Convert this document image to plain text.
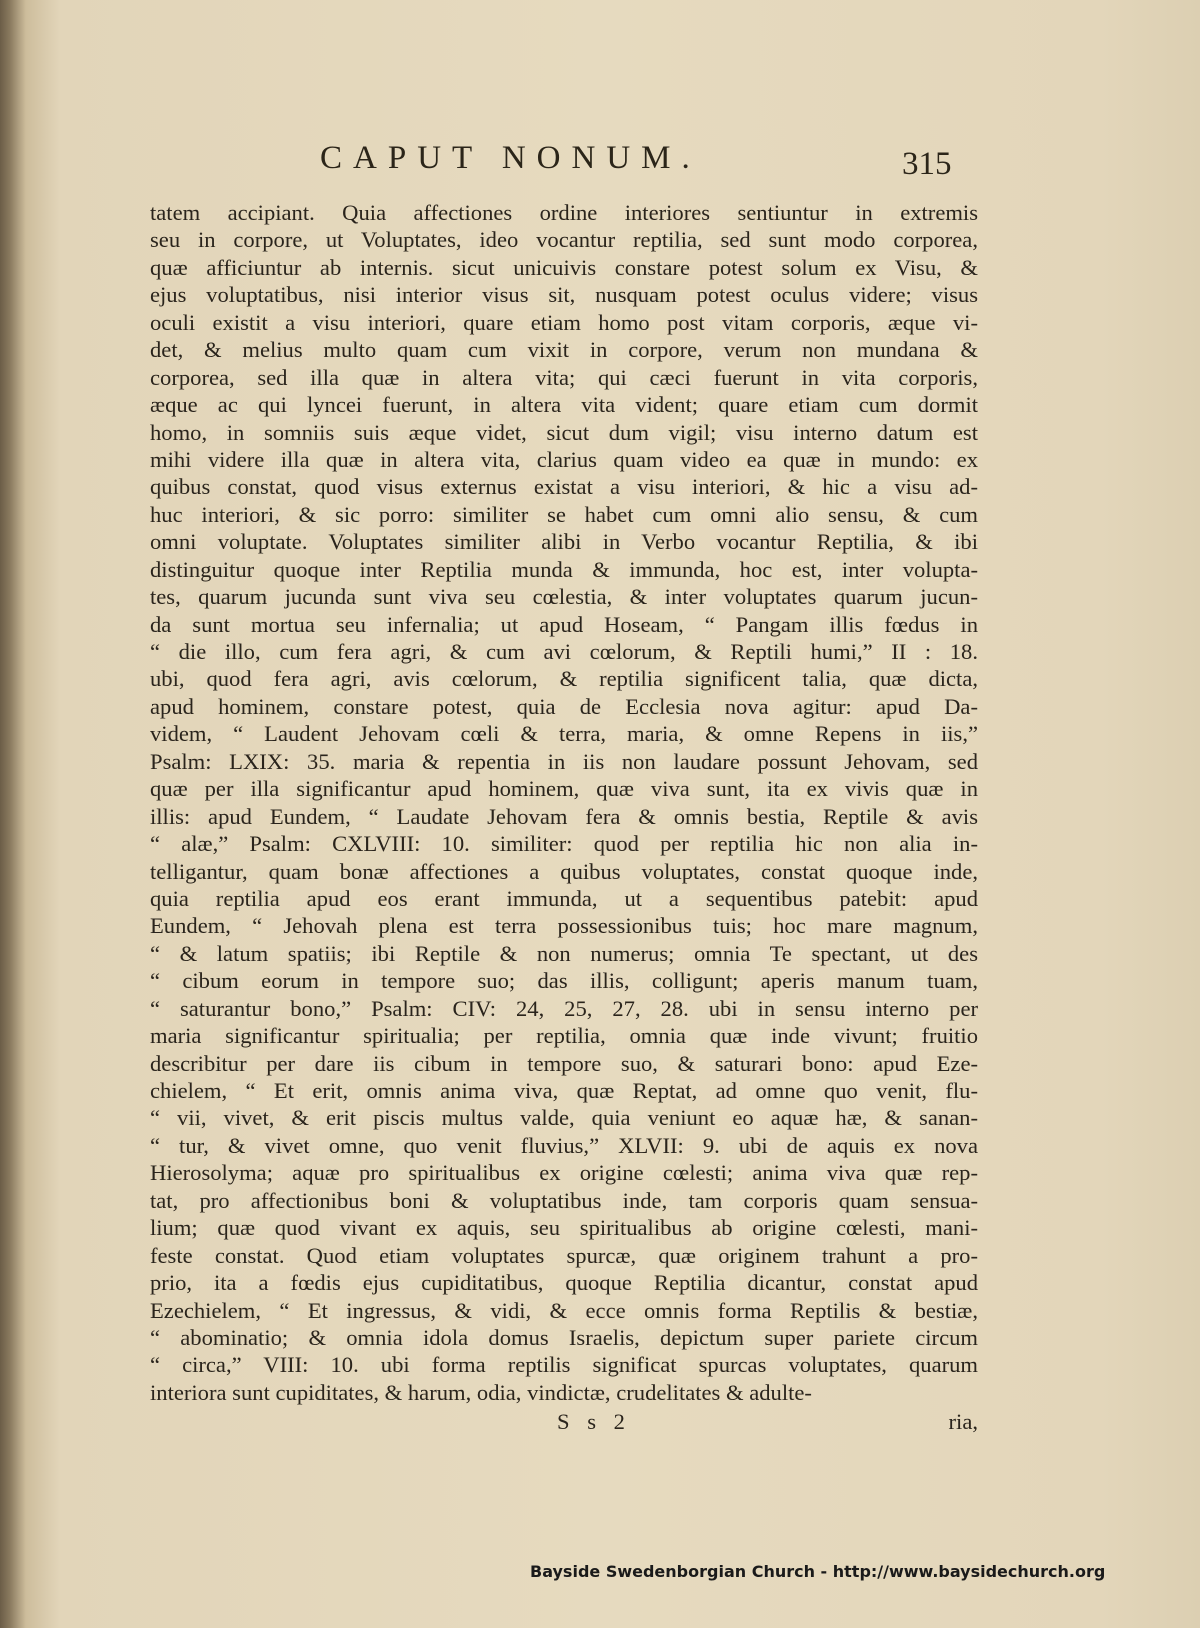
CAPUT NONUM.	315
tatem accipiant. Quia affectiones ordine interiores sentiuntur in extremis
seu in corpore, ut Voluptates, ideo vocantur reptilia, sed sunt modo corporea,
quæ afficiuntur ab internis. sicut unicuivis constare potest solum ex Visu, &
ejus voluptatibus, nisi interior visus sit, nusquam potest oculus videre; visus
oculi existit a visu interiori, quare etiam homo post vitam corporis, æque vi-
det, & melius multo quam cum vixit in corpore, verum non mundana &
corporea, sed illa quæ in altera vita; qui cæci fuerunt in vita corporis,
æque ac qui lyncei fuerunt, in altera vita vident; quare etiam cum dormit
homo, in somniis suis æque videt, sicut dum vigil; visu interno datum est
mihi videre illa quæ in altera vita, clarius quam video ea quæ in mundo: ex
quibus constat, quod visus externus existat a visu interiori, & hic a visu ad-
huc interiori, & sic porro: similiter se habet cum omni alio sensu, & cum
omni voluptate. Voluptates similiter alibi in Verbo vocantur Reptilia, & ibi
distinguitur quoque inter Reptilia munda & immunda, hoc est, inter volupta-
tes, quarum jucunda sunt viva seu cœlestia, & inter voluptates quarum jucun-
da sunt mortua seu infernalia; ut apud Hoseam, “ Pangam illis fœdus in
“ die illo, cum fera agri, & cum avi cœlorum, & Reptili humi,” II : 18.
ubi, quod fera agri, avis cœlorum, & reptilia significent talia, quæ dicta,
apud hominem, constare potest, quia de Ecclesia nova agitur: apud Da-
videm, “ Laudent Jehovam cœli & terra, maria, & omne Repens in iis,”
Psalm: LXIX: 35. maria & repentia in iis non laudare possunt Jehovam, sed
quæ per illa significantur apud hominem, quæ viva sunt, ita ex vivis quæ in
illis: apud Eundem, “ Laudate Jehovam fera & omnis bestia, Reptile & avis
“ alæ,” Psalm: CXLVIII: 10. similiter: quod per reptilia hic non alia in-
telligantur, quam bonæ affectiones a quibus voluptates, constat quoque inde,
quia reptilia apud eos erant immunda, ut a sequentibus patebit: apud
Eundem, “ Jehovah plena est terra possessionibus tuis; hoc mare magnum,
“ & latum spatiis; ibi Reptile & non numerus; omnia Te spectant, ut des
“ cibum eorum in tempore suo; das illis, colligunt; aperis manum tuam,
“ saturantur bono,” Psalm: CIV: 24, 25, 27, 28. ubi in sensu interno per
maria significantur spiritualia; per reptilia, omnia quæ inde vivunt; fruitio
describitur per dare iis cibum in tempore suo, & saturari bono: apud Eze-
chielem, “ Et erit, omnis anima viva, quæ Reptat, ad omne quo venit, flu-
“ vii, vivet, & erit piscis multus valde, quia veniunt eo aquæ hæ, & sanan-
“ tur, & vivet omne, quo venit fluvius,” XLVII: 9. ubi de aquis ex nova
Hierosolyma; aquæ pro spiritualibus ex origine cœlesti; anima viva quæ rep-
tat, pro affectionibus boni & voluptatibus inde, tam corporis quam sensua-
lium; quæ quod vivant ex aquis, seu spiritualibus ab origine cœlesti, mani-
feste constat. Quod etiam voluptates spurcæ, quæ originem trahunt a pro-
prio, ita a fœdis ejus cupiditatibus, quoque Reptilia dicantur, constat apud
Ezechielem, “ Et ingressus, & vidi, & ecce omnis forma Reptilis & bestiæ,
“ abominatio; & omnia idola domus Israelis, depictum super pariete circum
“ circa,” VIII: 10. ubi forma reptilis significat spurcas voluptates, quarum
interiora sunt cupiditates, & harum, odia, vindictæ, crudelitates & adulte-
S s 2	ria,
Bayside Swedenborgian Church - http://www.baysidechurch.org
